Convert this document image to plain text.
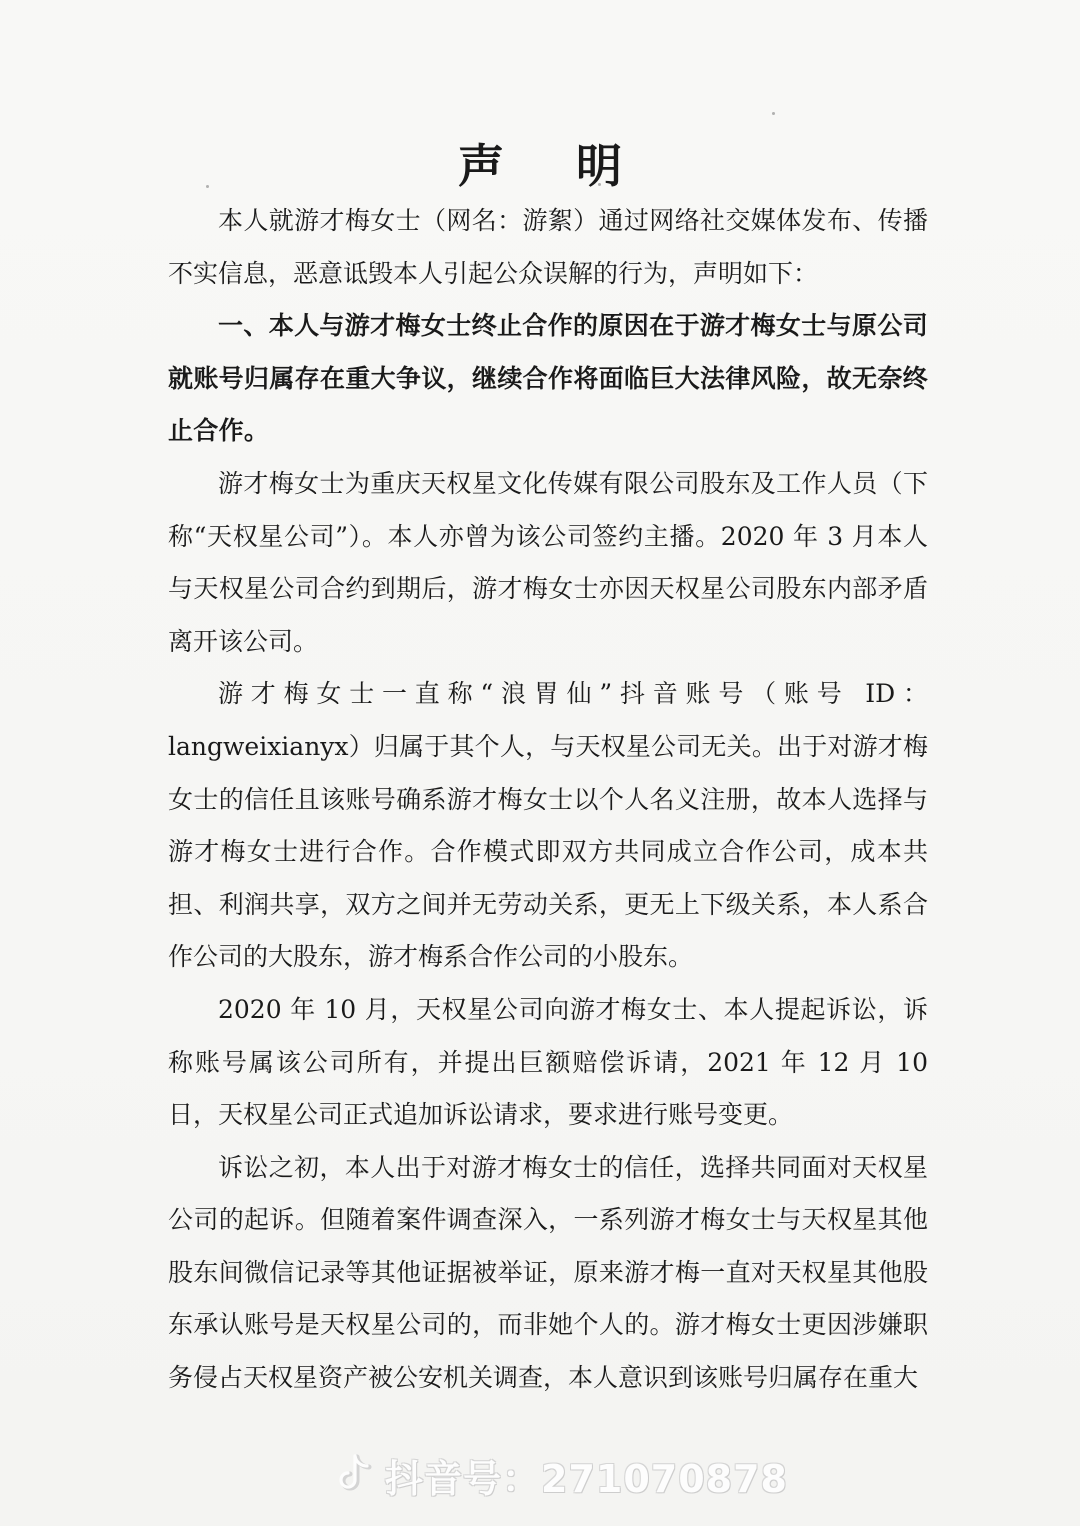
声 明

本人就游才梅女士（网名：游絮）通过网络社交媒体发布、传播不实信息，恶意诋毁本人引起公众误解的行为，声明如下：

一、本人与游才梅女士终止合作的原因在于游才梅女士与原公司就账号归属存在重大争议，继续合作将面临巨大法律风险，故无奈终止合作。

游才梅女士为重庆天权星文化传媒有限公司股东及工作人员（下称“天权星公司”）。本人亦曾为该公司签约主播。2020 年 3 月本人与天权星公司合约到期后，游才梅女士亦因天权星公司股东内部矛盾离开该公司。

游才梅女士一直称“浪胃仙”抖音账号（账号 ID：langweixianyx）归属于其个人，与天权星公司无关。出于对游才梅女士的信任且该账号确系游才梅女士以个人名义注册，故本人选择与游才梅女士进行合作。合作模式即双方共同成立合作公司，成本共担、利润共享，双方之间并无劳动关系，更无上下级关系，本人系合作公司的大股东，游才梅系合作公司的小股东。

2020 年 10 月，天权星公司向游才梅女士、本人提起诉讼，诉称账号属该公司所有，并提出巨额赔偿诉请，2021 年 12 月 10 日，天权星公司正式追加诉讼请求，要求进行账号变更。

诉讼之初，本人出于对游才梅女士的信任，选择共同面对天权星公司的起诉。但随着案件调查深入，一系列游才梅女士与天权星其他股东间微信记录等其他证据被举证，原来游才梅一直对天权星其他股东承认账号是天权星公司的，而非她个人的。游才梅女士更因涉嫌职务侵占天权星资产被公安机关调查，本人意识到该账号归属存在重大

抖音号：271070878
